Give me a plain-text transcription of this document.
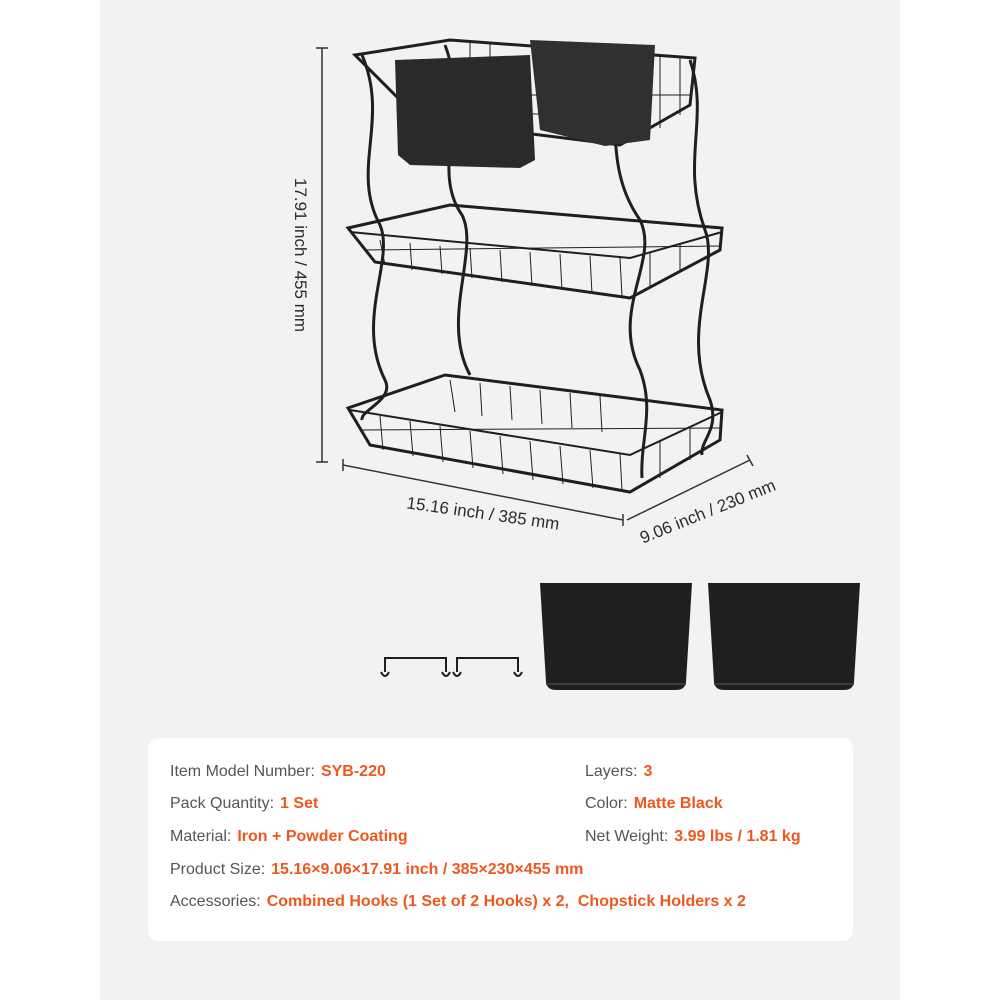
17.91 inch / 455 mm
15.16 inch / 385 mm	9.06 inch / 230 mm
Item Model Number: SYB-220	Layers: 3
Pack Quantity: 1 Set	Color: Matte Black
Material: Iron + Powder Coating	Net Weight: 3.99 lbs / 1.81 kg
Product Size: 15.16×9.06×17.91 inch / 385×230×455 mm
Accessories: Combined Hooks (1 Set of 2 Hooks) x 2, Chopstick Holders x 2
